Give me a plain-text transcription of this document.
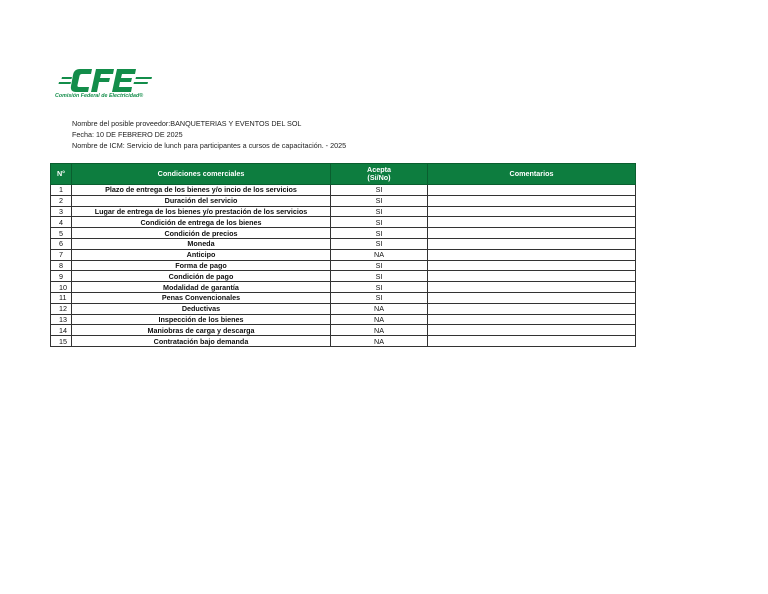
Comisión Federal de Electricidad®
Nombre del posible proveedor:BANQUETERIAS Y EVENTOS DEL SOL
Fecha: 10 DE FEBRERO DE 2025
Nombre de ICM: Servicio de lunch para participantes a cursos de capacitación. - 2025
N°	Condiciones comerciales	Acepta
(Si/No)	Comentarios
1	Plazo de entrega de los bienes y/o incio de los servicios	SI	
2	Duración del servicio	SI	
3	Lugar de entrega de los bienes y/o prestación de los servicios	SI	
4	Condición de entrega de los bienes	SI	
5	Condición de precios	SI	
6	Moneda	SI	
7	Anticipo	NA	
8	Forma de pago	SI	
9	Condición de pago	SI	
10	Modalidad de garantía	SI	
11	Penas Convencionales	SI	
12	Deductivas	NA	
13	Inspección de los bienes	NA	
14	Maniobras de carga y descarga	NA	
15	Contratación bajo demanda	NA	
